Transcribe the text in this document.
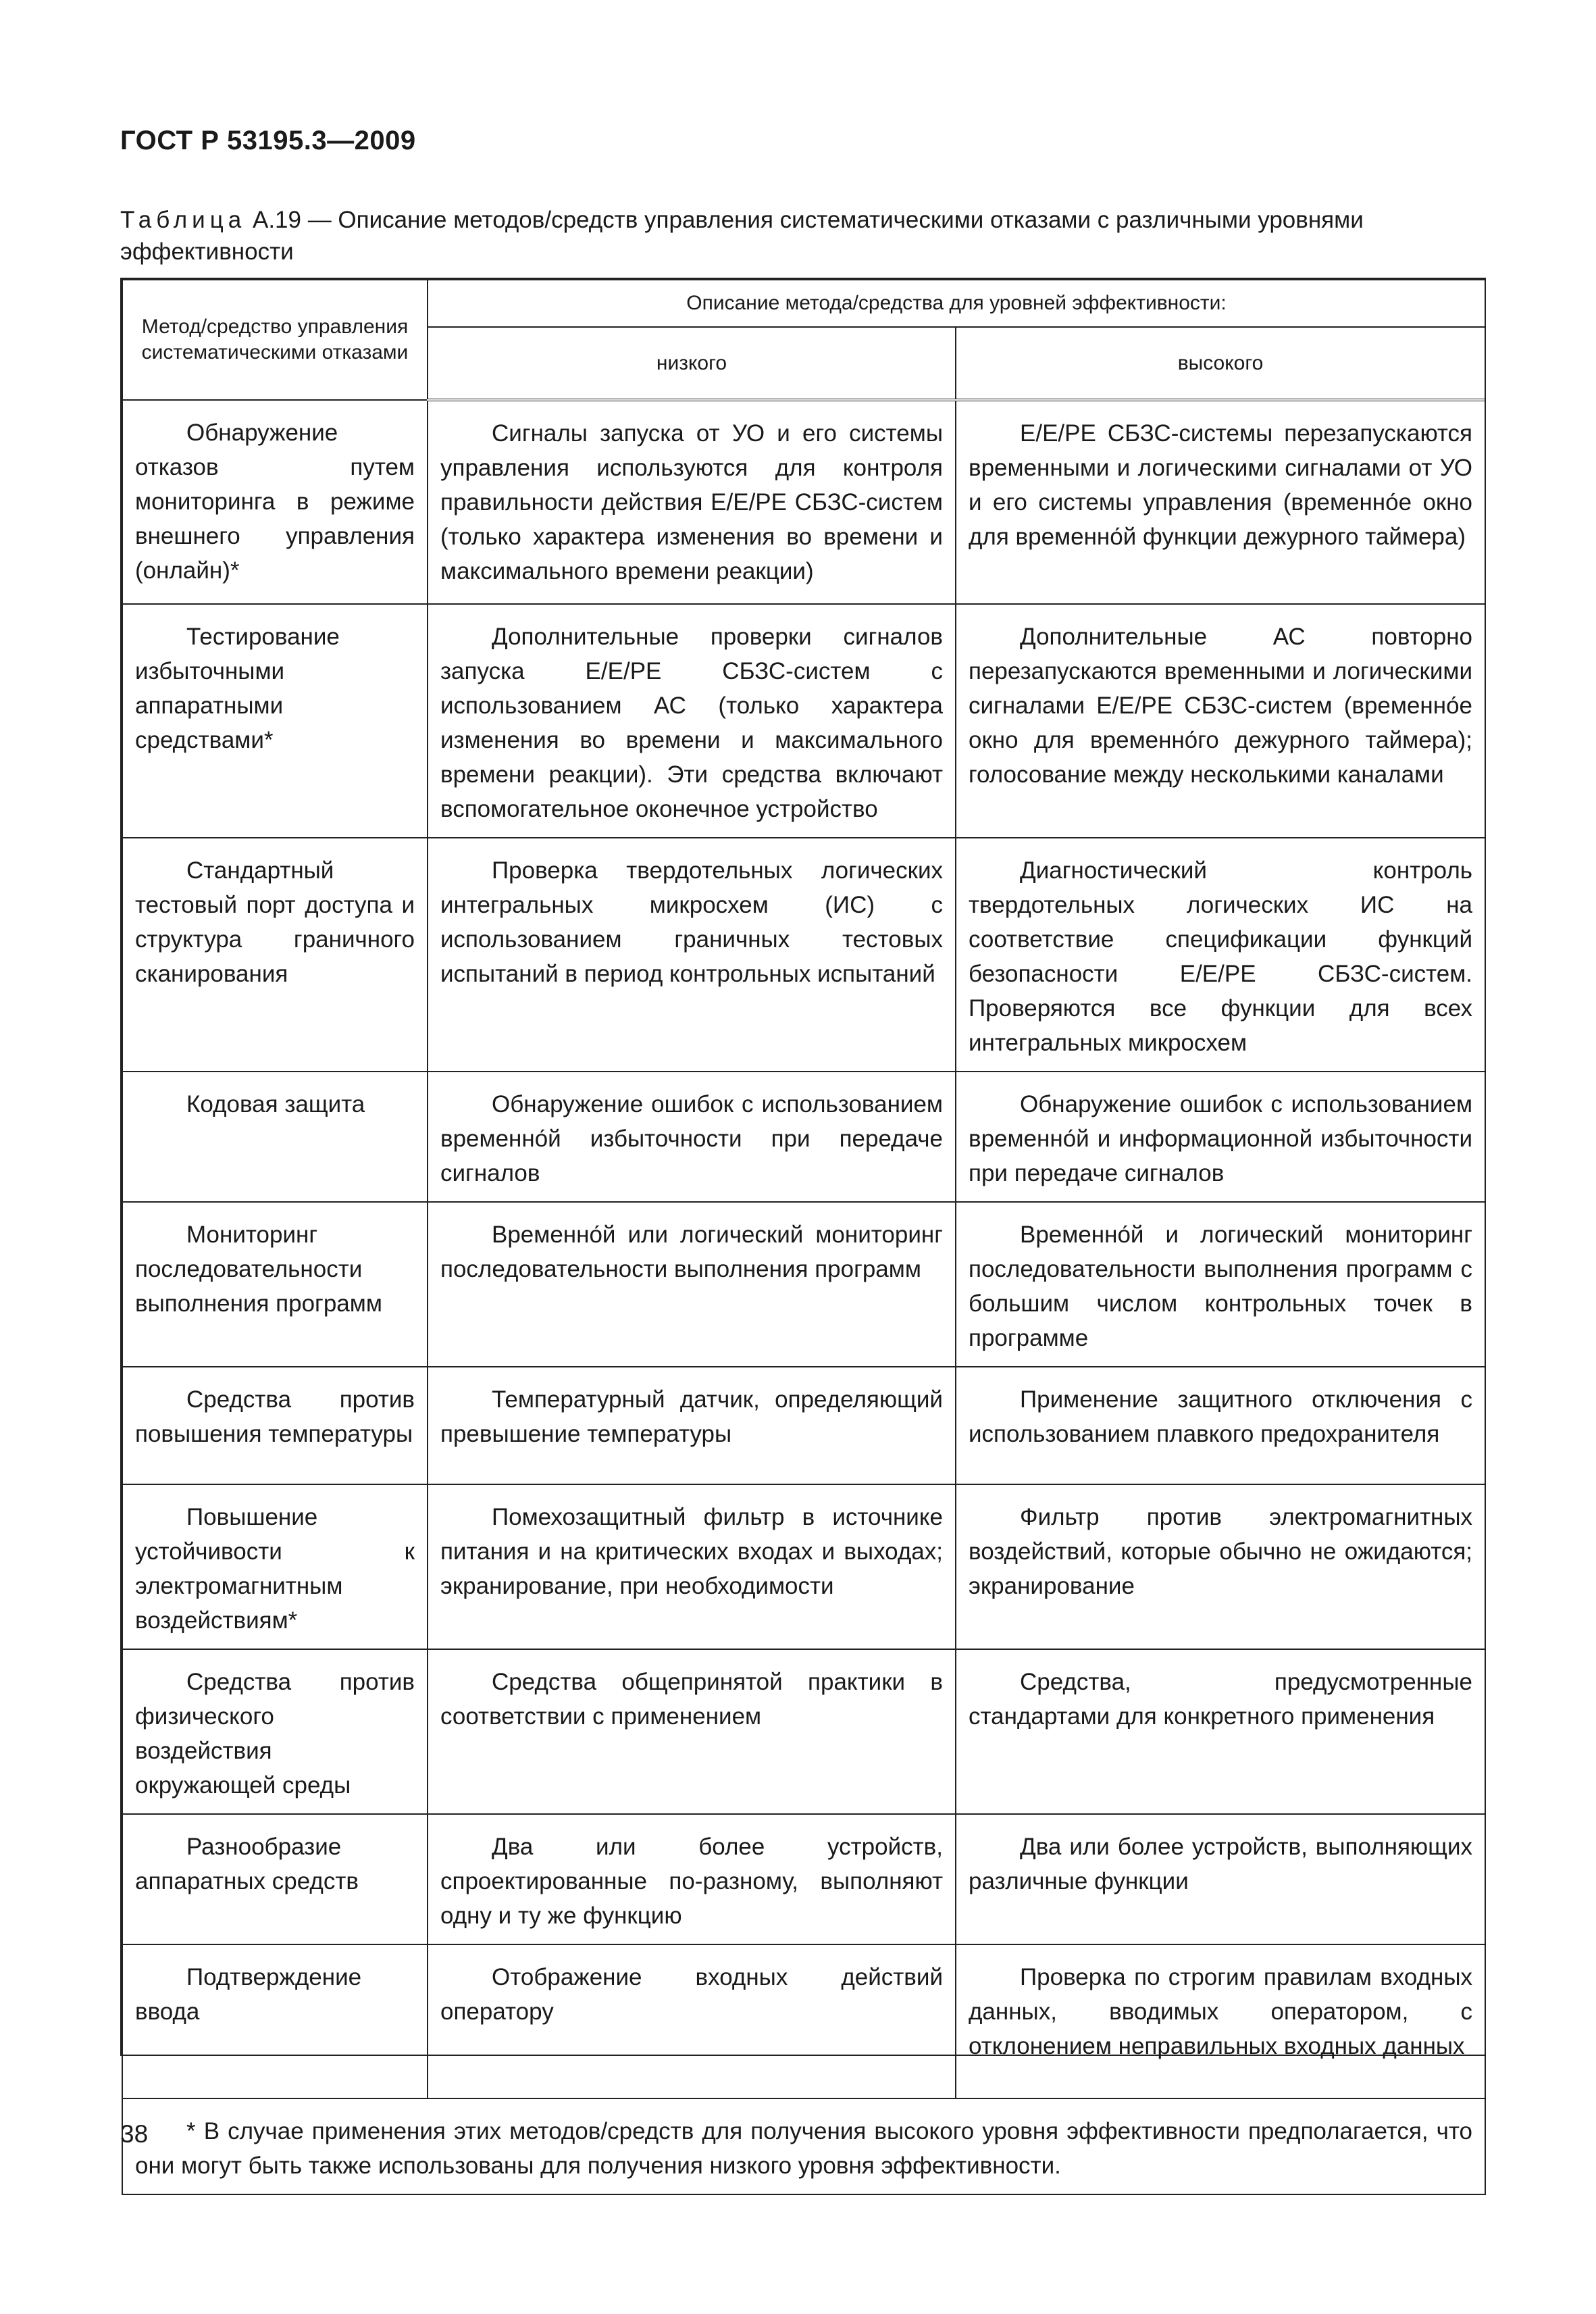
ГОСТ Р 53195.3—2009
Таблица А.19 — Описание методов/средств управления систематическими отказами с различными уровнями эффективности
Метод/средство управления систематическими отказами	Описание метода/средства для уровней эффективности:	
	низкого	высокого
Обнаружение отказов путем мониторинга в режиме внешнего управления (онлайн)*	Сигналы запуска от УО и его системы управления используются для контроля правильности действия Е/Е/РЕ СБЗС-систем (только характера изменения во времени и максимального времени реакции)	Е/Е/РЕ СБЗС-системы перезапускаются временными и логическими сигналами от УО и его системы управления (временно́е окно для временно́й функции дежурного таймера)
Тестирование избыточными аппаратными средствами*	Дополнительные проверки сигналов запуска Е/Е/РЕ СБЗС-систем с использованием АС (только характера изменения во времени и максимального времени реакции). Эти средства включают вспомогательное оконечное устройство	Дополнительные АС повторно перезапускаются временными и логическими сигналами Е/Е/РЕ СБЗС-систем (временно́е окно для временно́го дежурного таймера); голосование между несколькими каналами
Стандартный тестовый порт доступа и структура граничного сканирования	Проверка твердотельных логических интегральных микросхем (ИС) с использованием граничных тестовых испытаний в период контрольных испытаний	Диагностический контроль твердотельных логических ИС на соответствие спецификации функций безопасности Е/Е/РЕ СБЗС-систем. Проверяются все функции для всех интегральных микросхем
Кодовая защита	Обнаружение ошибок с использованием временно́й избыточности при передаче сигналов	Обнаружение ошибок с использованием временно́й и информационной избыточности при передаче сигналов
Мониторинг последовательности выполнения программ	Временно́й или логический мониторинг последовательности выполнения программ	Временно́й и логический мониторинг последовательности выполнения программ с большим числом контрольных точек в программе
Средства против повышения температуры	Температурный датчик, определяющий превышение температуры	Применение защитного отключения с использованием плавкого предохранителя
Повышение устойчивости к электромагнитным воздействиям*	Помехозащитный фильтр в источнике питания и на критических входах и выходах; экранирование, при необходимости	Фильтр против электромагнитных воздействий, которые обычно не ожидаются; экранирование
Средства против физического воздействия окружающей среды	Средства общепринятой практики в соответствии с применением	Средства, предусмотренные стандартами для конкретного применения
Разнообразие аппаратных средств	Два или более устройств, спроектированные по-разному, выполняют одну и ту же функцию	Два или более устройств, выполняющих различные функции
Подтверждение ввода	Отображение входных действий оператору	Проверка по строгим правилам входных данных, вводимых оператором, с отклонением неправильных входных данных
* В случае применения этих методов/средств для получения высокого уровня эффективности предполагается, что они могут быть также использованы для получения низкого уровня эффективности.		
38
